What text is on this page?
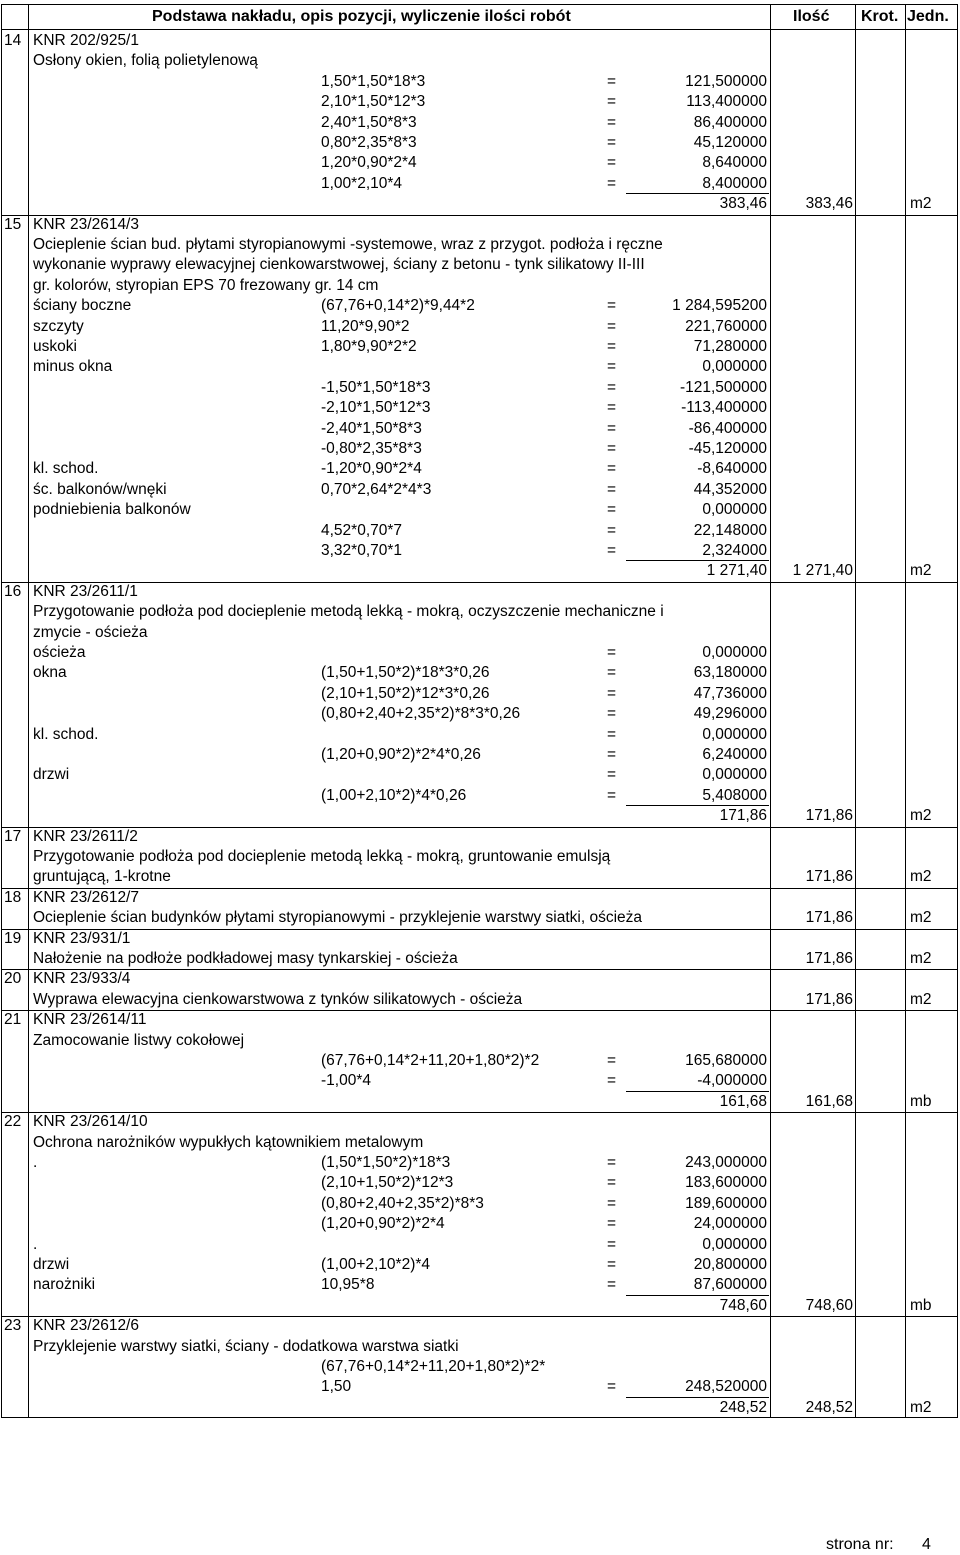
Podstawa nakładu, opis pozycji, wyliczenie ilości robót	Ilość Krot. Jedn.
14 KNR 202/925/1
Osłony okien, folią polietylenową
1,50*1,50*18*3	=	121,500000
2,10*1,50*12*3	=	113,400000
2,40*1,50*8*3	=	86,400000
0,80*2,35*8*3	=	45,120000
1,20*0,90*2*4	=	8,640000
1,00*2,10*4	=	8,400000
383,46 383,46	m2
15 KNR 23/2614/3
Ocieplenie ścian bud. płytami styropianowymi -systemowe, wraz z przygot. podłoża i ręczne
wykonanie wyprawy elewacyjnej cienkowarstwowej, ściany z betonu - tynk silikatowy II-III
gr. kolorów, styropian EPS 70 frezowany gr. 14 cm
ściany boczne	(67,76+0,14*2)*9,44*2	=	1 284,595200
szczyty	11,20*9,90*2	=	221,760000
uskoki	1,80*9,90*2*2	=	71,280000
minus okna	=	0,000000
-1,50*1,50*18*3	=	-121,500000
-2,10*1,50*12*3	=	-113,400000
-2,40*1,50*8*3	=	-86,400000
-0,80*2,35*8*3	=	-45,120000
kl. schod.	-1,20*0,90*2*4	=	-8,640000
śc. balkonów/wnęki	0,70*2,64*2*4*3	=	44,352000
podniebienia balkonów	=	0,000000
4,52*0,70*7	=	22,148000
3,32*0,70*1	=	2,324000
1 271,40 1 271,40	m2
16 KNR 23/2611/1
Przygotowanie podłoża pod docieplenie metodą lekką - mokrą, oczyszczenie mechaniczne i
zmycie - ościeża
ościeża	=	0,000000
okna	(1,50+1,50*2)*18*3*0,26	=	63,180000
(2,10+1,50*2)*12*3*0,26	=	47,736000
(0,80+2,40+2,35*2)*8*3*0,26	=	49,296000
kl. schod.	=	0,000000
(1,20+0,90*2)*2*4*0,26	=	6,240000
drzwi	=	0,000000
(1,00+2,10*2)*4*0,26	=	5,408000
171,86 171,86	m2
17 KNR 23/2611/2
Przygotowanie podłoża pod docieplenie metodą lekką - mokrą, gruntowanie emulsją
gruntującą, 1-krotne	171,86	m2
18 KNR 23/2612/7
Ocieplenie ścian budynków płytami styropianowymi - przyklejenie warstwy siatki, ościeża	171,86	m2
19 KNR 23/931/1
Nałożenie na podłoże podkładowej masy tynkarskiej - ościeża	171,86	m2
20 KNR 23/933/4
Wyprawa elewacyjna cienkowarstwowa z tynków silikatowych - ościeża	171,86	m2
21 KNR 23/2614/11
Zamocowanie listwy cokołowej
(67,76+0,14*2+11,20+1,80*2)*2	=	165,680000
-1,00*4	=	-4,000000
161,68 161,68	mb
22 KNR 23/2614/10
Ochrona narożników wypukłych kątownikiem metalowym
.	(1,50*1,50*2)*18*3	=	243,000000
(2,10+1,50*2)*12*3	=	183,600000
(0,80+2,40+2,35*2)*8*3	=	189,600000
(1,20+0,90*2)*2*4	=	24,000000
.	=	0,000000
drzwi	(1,00+2,10*2)*4	=	20,800000
narożniki	10,95*8	=	87,600000
748,60 748,60	mb
23 KNR 23/2612/6
Przyklejenie warstwy siatki, ściany - dodatkowa warstwa siatki
(67,76+0,14*2+11,20+1,80*2)*2*
1,50	=	248,520000
248,52 248,52	m2
strona nr: 4
